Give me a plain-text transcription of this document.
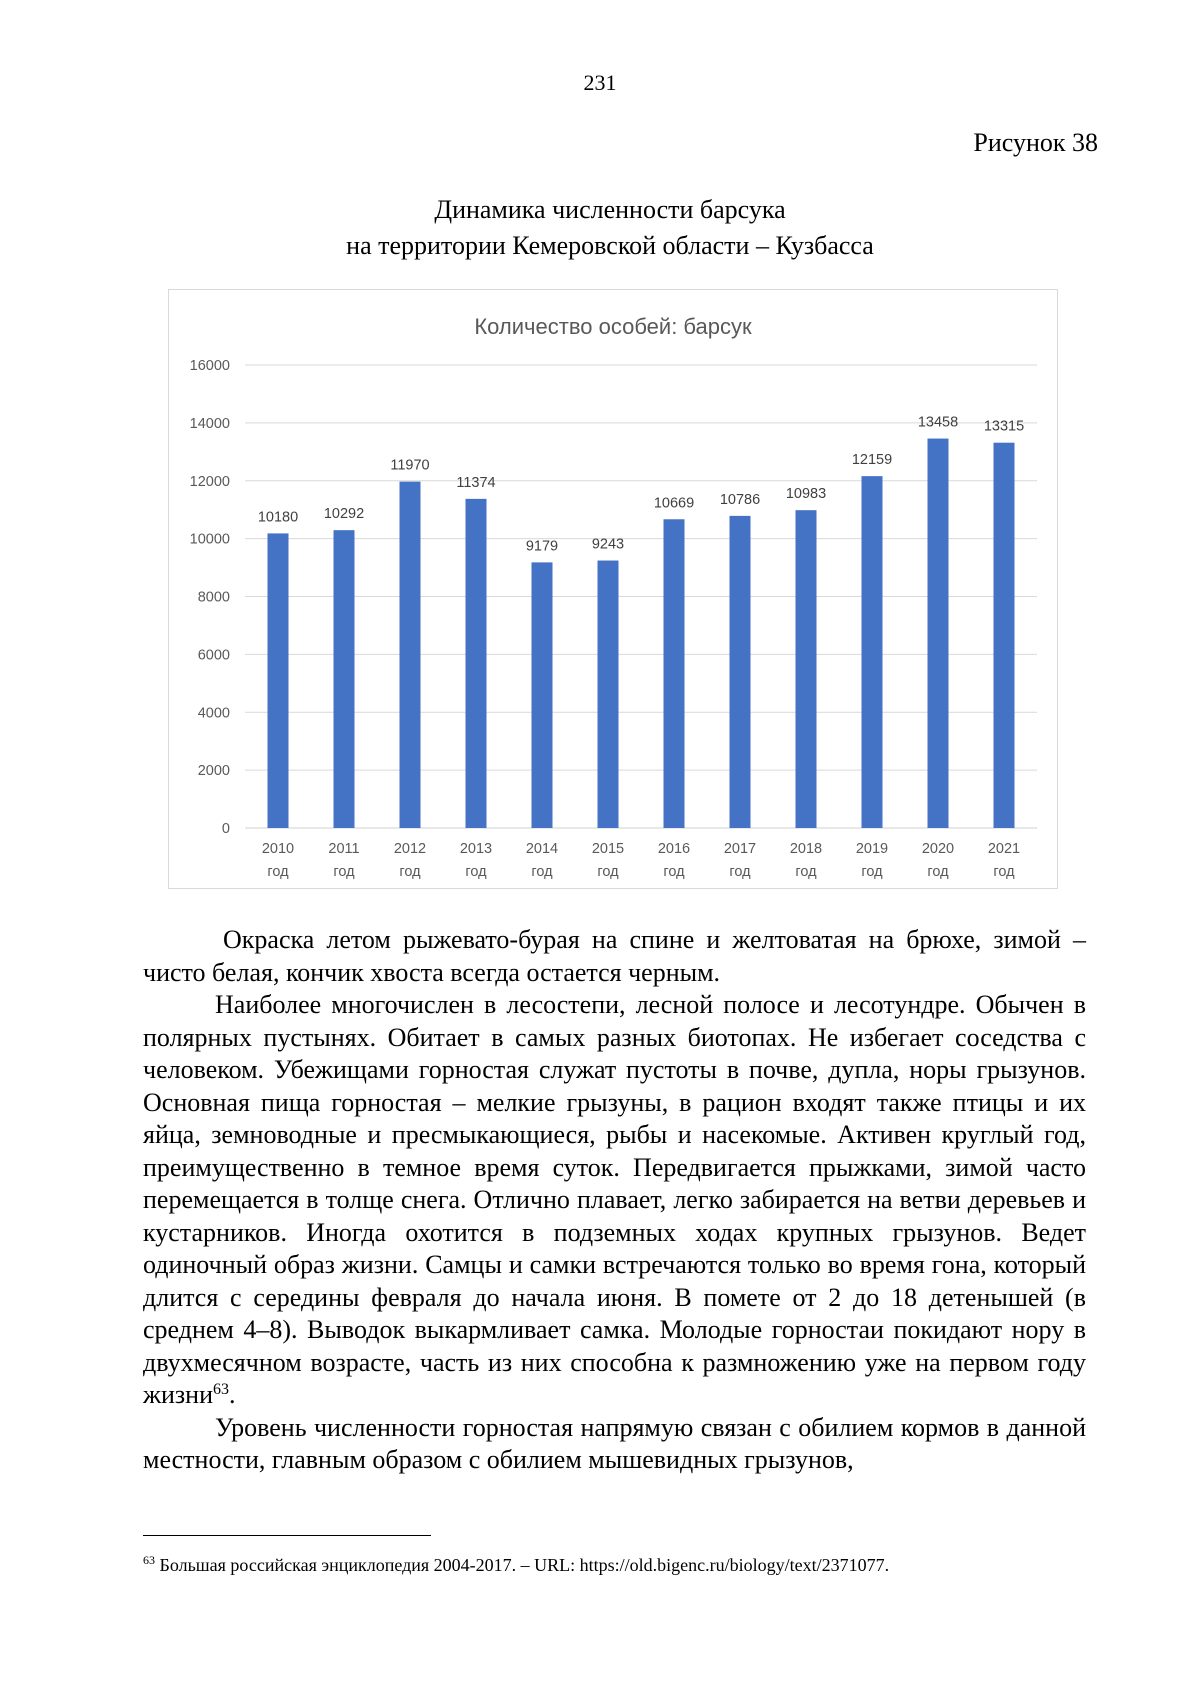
231
Рисунок 38
Динамика численности барсука
на территории Кемеровской области – Кузбасса
Количество особей: барсук
0
2000
4000
6000
8000
10000
12000
14000
16000
10180
2010
год
10292
2011
год
11970
2012
год
11374
2013
год
9179
2014
год
9243
2015
год
10669
2016
год
10786
2017
год
10983
2018
год
12159
2019
год
13458
2020
год
13315
2021
год

Окраска летом рыжевато-бурая на спине и желтоватая на брюхе, зимой – чисто белая, кончик хвоста всегда остается черным.

Наиболее многочислен в лесостепи, лесной полосе и лесотундре. Обычен в полярных пустынях. Обитает в самых разных биотопах. Не избегает соседства с человеком. Убежищами горностая служат пустоты в почве, дупла, норы грызунов. Основная пища горностая – мелкие грызуны, в рацион входят также птицы и их яйца, земноводные и пресмыкающиеся, рыбы и насекомые. Активен круглый год, преимущественно в темное время суток. Передвигается прыжками, зимой часто перемещается в толще снега. Отлично плавает, легко забирается на ветви деревьев и кустарников. Иногда охотится в подземных ходах крупных грызунов. Ведет одиночный образ жизни. Самцы и самки встречаются только во время гона, который длится с середины февраля до начала июня. В помете от 2 до 18 детенышей (в среднем 4–8). Выводок выкармливает самка. Молодые горностаи покидают нору в двухмесячном возрасте, часть из них способна к размножению уже на первом году жизни$^{63}$.

Уровень численности горностая напрямую связан с обилием кормов в данной местности, главным образом с обилием мышевидных грызунов,

$^{63}$ Большая российская энциклопедия 2004-2017. – URL: https://old.bigenc.ru/biology/text/2371077.
